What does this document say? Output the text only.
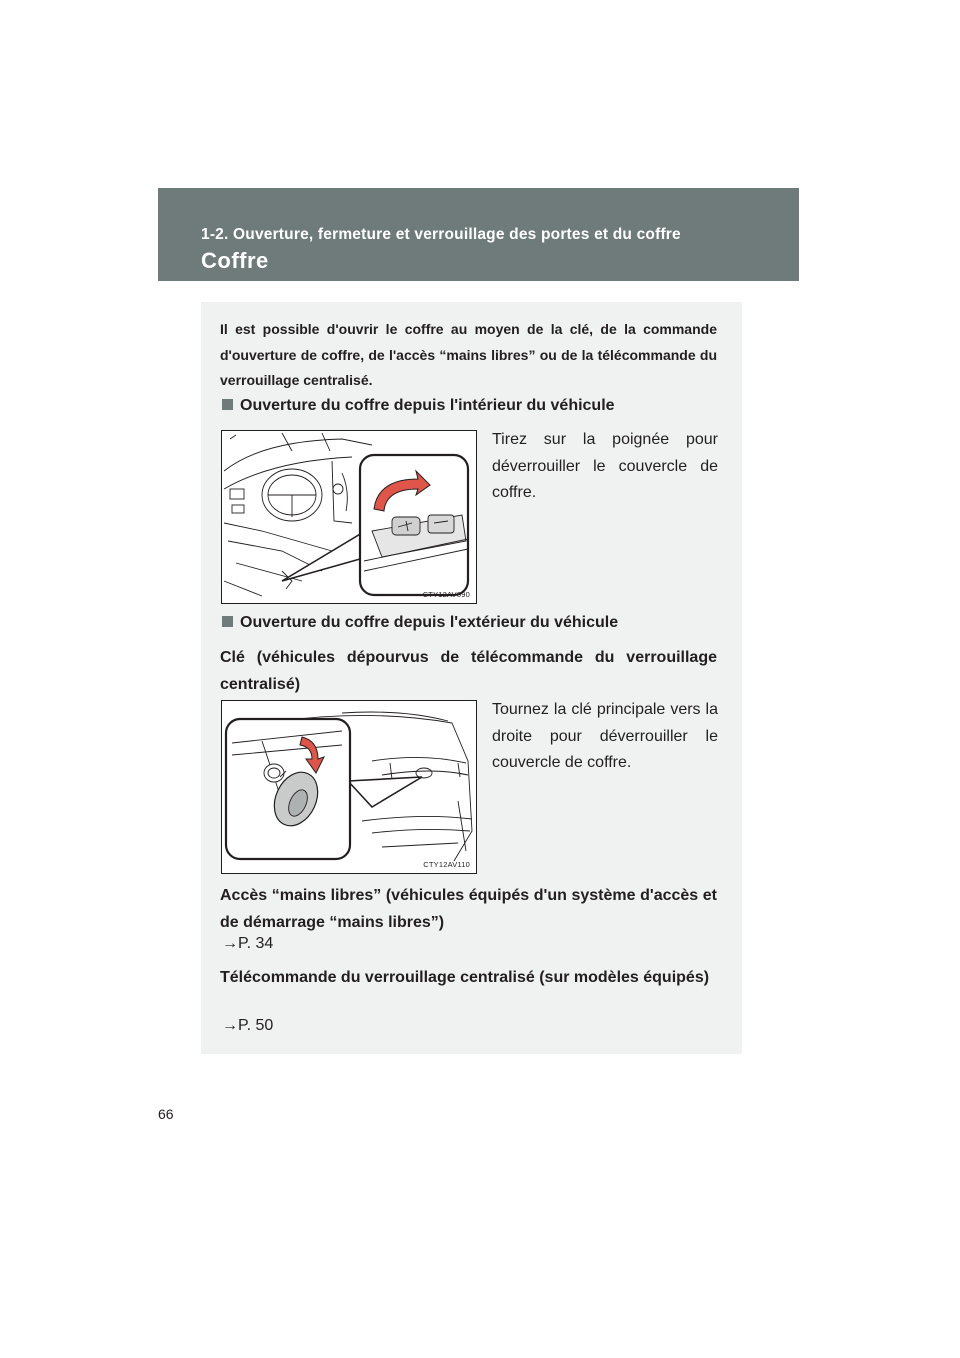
1-2. Ouverture, fermeture et verrouillage des portes et du coffre
Coffre
Il est possible d'ouvrir le coffre au moyen de la clé, de la commande d'ouverture de coffre, de l'accès “mains libres” ou de la télécommande du verrouillage centralisé.
Ouverture du coffre depuis l'intérieur du véhicule
CTY12AV090
Tirez sur la poignée pour déverrouiller le couvercle de coffre.
Ouverture du coffre depuis l'extérieur du véhicule
Clé (véhicules dépourvus de télécommande du verrouillage centralisé)
CTY12AV110
Tournez la clé principale vers la droite pour déverrouiller le couvercle de coffre.
Accès “mains libres” (véhicules équipés d'un système d'accès et de démarrage “mains libres”)
→P. 34
Télécommande du verrouillage centralisé (sur modèles équipés)
→P. 50
66
